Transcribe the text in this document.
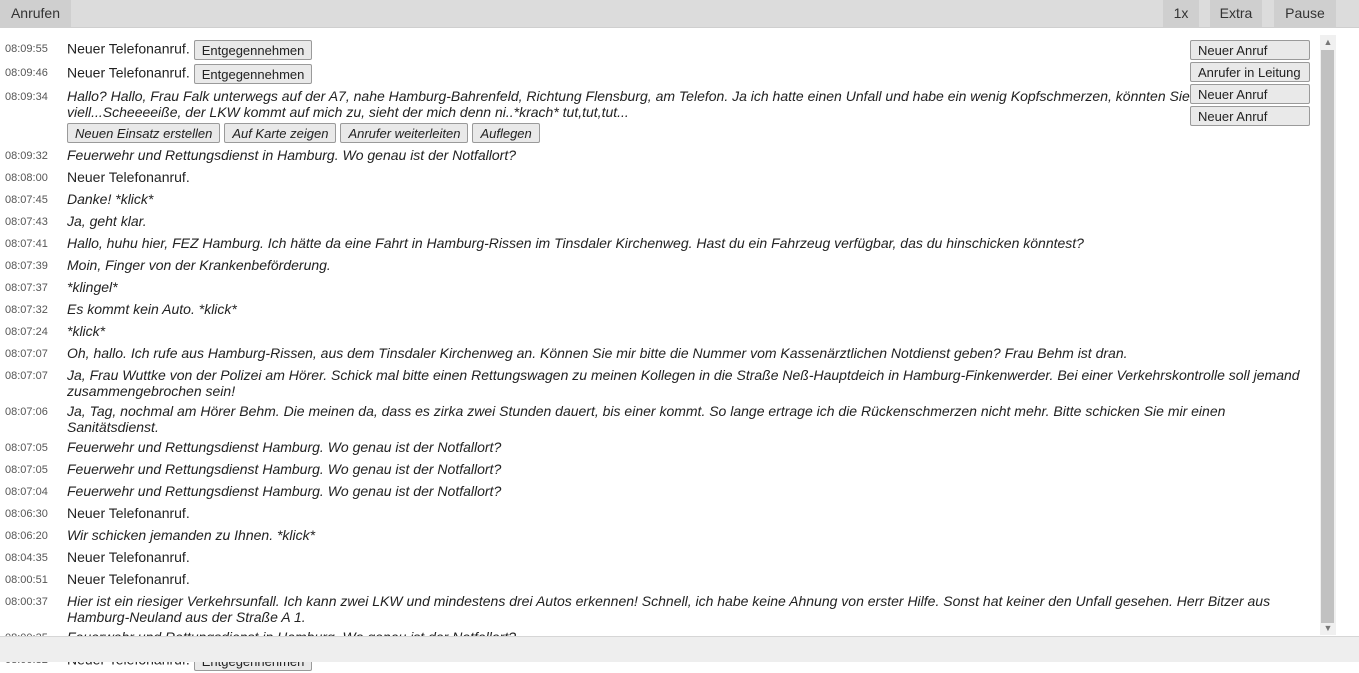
Anrufen	1x	Extra	Pause
08:09:55	Neuer Telefonanruf. Entgegennehmen
08:09:46	Neuer Telefonanruf. Entgegennehmen
08:09:34	Hallo? Hallo, Frau Falk unterwegs auf der A7, nahe Hamburg-Bahrenfeld, Richtung Flensburg, am Telefon. Ja ich hatte einen Unfall und habe ein wenig Kopfschmerzen, könnten Sie viell...Scheeeeiße, der LKW kommt auf mich zu, sieht der mich denn ni..*krach* tut,tut,tut...
Neuen Einsatz erstellen	Auf Karte zeigen	Anrufer weiterleiten	Auflegen
08:09:32	Feuerwehr und Rettungsdienst in Hamburg. Wo genau ist der Notfallort?
08:08:00	Neuer Telefonanruf.
08:07:45	Danke! *klick*
08:07:43	Ja, geht klar.
08:07:41	Hallo, huhu hier, FEZ Hamburg. Ich hätte da eine Fahrt in Hamburg-Rissen im Tinsdaler Kirchenweg. Hast du ein Fahrzeug verfügbar, das du hinschicken könntest?
08:07:39	Moin, Finger von der Krankenbeförderung.
08:07:37	*klingel*
08:07:32	Es kommt kein Auto. *klick*
08:07:24	*klick*
08:07:07	Oh, hallo. Ich rufe aus Hamburg-Rissen, aus dem Tinsdaler Kirchenweg an. Können Sie mir bitte die Nummer vom Kassenärztlichen Notdienst geben? Frau Behm ist dran.
08:07:07	Ja, Frau Wuttke von der Polizei am Hörer. Schick mal bitte einen Rettungswagen zu meinen Kollegen in die Straße Neß-Hauptdeich in Hamburg-Finkenwerder. Bei einer Verkehrskontrolle soll jemand zusammengebrochen sein!
08:07:06	Ja, Tag, nochmal am Hörer Behm. Die meinen da, dass es zirka zwei Stunden dauert, bis einer kommt. So lange ertrage ich die Rückenschmerzen nicht mehr. Bitte schicken Sie mir einen Sanitätsdienst.
08:07:05	Feuerwehr und Rettungsdienst Hamburg. Wo genau ist der Notfallort?
08:07:05	Feuerwehr und Rettungsdienst Hamburg. Wo genau ist der Notfallort?
08:07:04	Feuerwehr und Rettungsdienst Hamburg. Wo genau ist der Notfallort?
08:06:30	Neuer Telefonanruf.
08:06:20	Wir schicken jemanden zu Ihnen. *klick*
08:04:35	Neuer Telefonanruf.
08:00:51	Neuer Telefonanruf.
08:00:37	Hier ist ein riesiger Verkehrsunfall. Ich kann zwei LKW und mindestens drei Autos erkennen! Schnell, ich habe keine Ahnung von erster Hilfe. Sonst hat keiner den Unfall gesehen. Herr Bitzer aus Hamburg-Neuland aus der Straße A 1.
Neuer Anruf
Anrufer in Leitung
Neuer Anruf
Neuer Anruf
▲
▼
